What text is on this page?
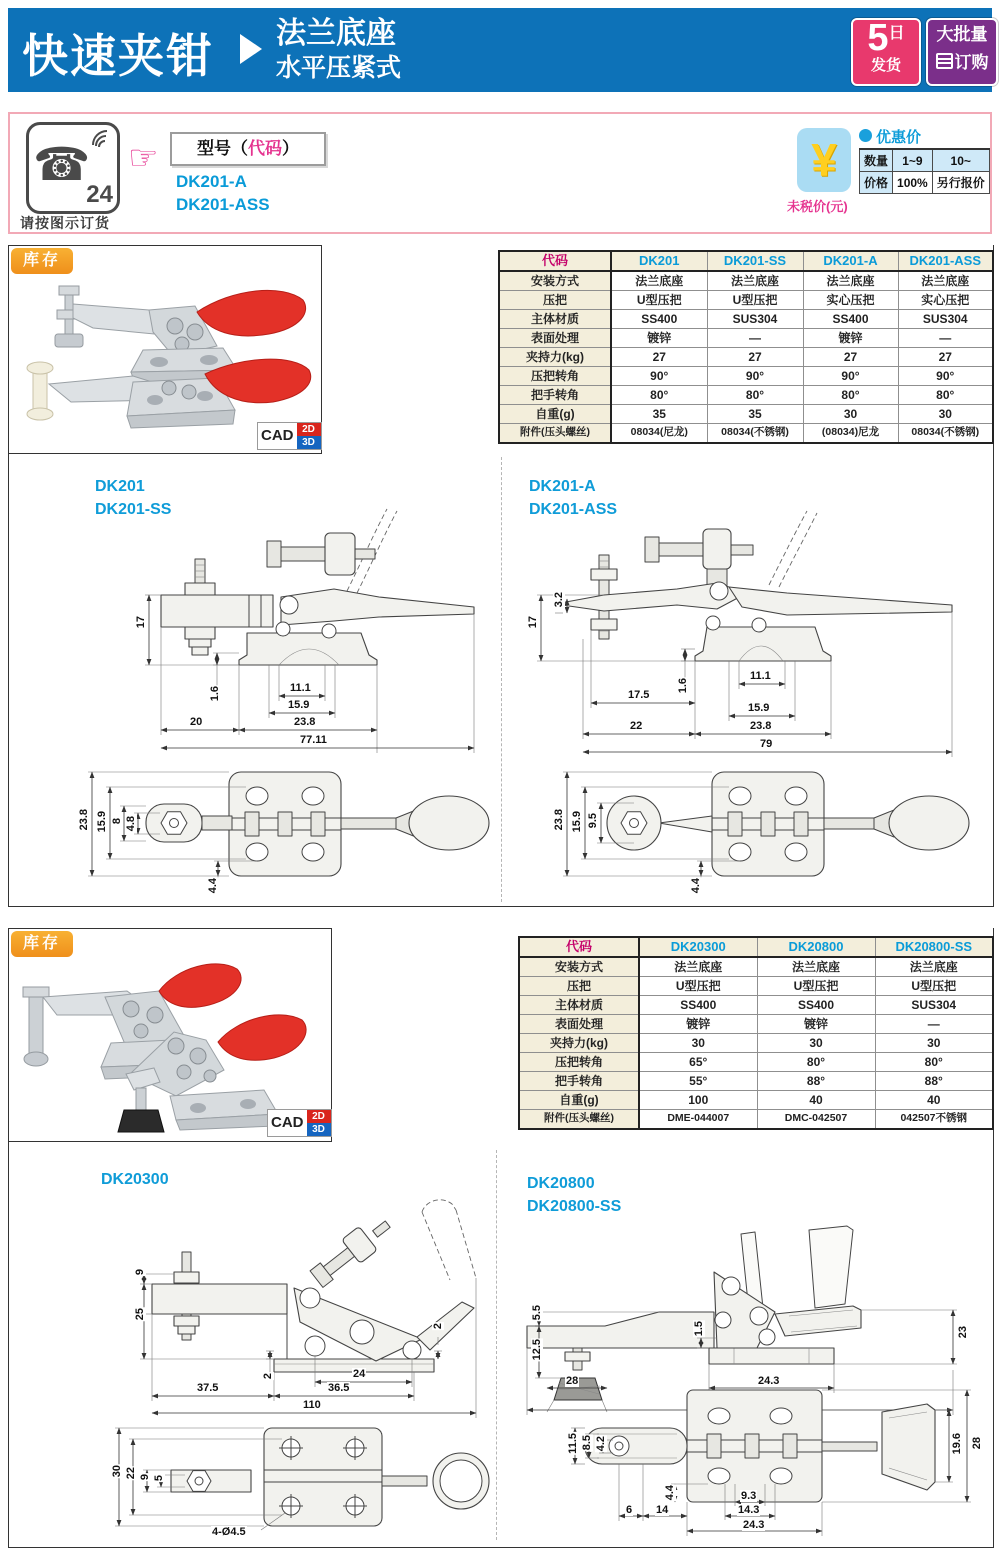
快速夹钳 法兰底座
水平压紧式
5日
发货
大批量
订购
☎
24
请按图示订货
☞	型号（代码）
DK201-A
DK201-ASS
¥
未税价(元)
优惠价
数量	1~9	10~
价格	100%	另行报价
库存
CAD 2D
3D
代码	DK201	DK201-SS	DK201-A	DK201-ASS
安装方式	法兰底座	法兰底座	法兰底座	法兰底座
压把	U型压把	U型压把	实心压把	实心压把
主体材质	SS400	SUS304	SS400	SUS304
表面处理	镀锌	—	镀锌	—
夹持力(kg)	27	27	27	27
压把转角	90°	90°	90°	90°
把手转角	80°	80°	80°	80°
自重(g)	35	35	30	30
附件(压头螺丝)	08034(尼龙)	08034(不锈钢)	(08034)尼龙	08034(不锈钢)
DK201
DK201-SS
17
1.6	11.1
15.9
20	23.8
77.11
23.8 15.9 8 4.8
4.4
DK201-A
DK201-ASS
17
3.2
1.6
11.1
17.5
15.9
22	23.8
79
23.8 15.9 9.5
4.4
库存
CAD 2D
3D
代码	DK20300	DK20800	DK20800-SS
安装方式	法兰底座	法兰底座	法兰底座
压把	U型压把	U型压把	U型压把
主体材质	SS400	SS400	SUS304
表面处理	镀锌	镀锌	—
夹持力(kg)	30	30	30
压把转角	65°	80°	80°
把手转角	55°	88°	88°
自重(g)	100	40	40
附件(压头螺丝)	DME-044007	DMC-042507	042507不锈钢
DK20300
9
25
2	24
2
37.5	36.5
110
30 22 9 5
4-Ø4.5
DK20800
DK20800-SS
5.5
12.5
1.5	23
28	24.3
11.5 8.5 4.2
4.4
6 14
9.3
14.3
24.3
19.6 28
